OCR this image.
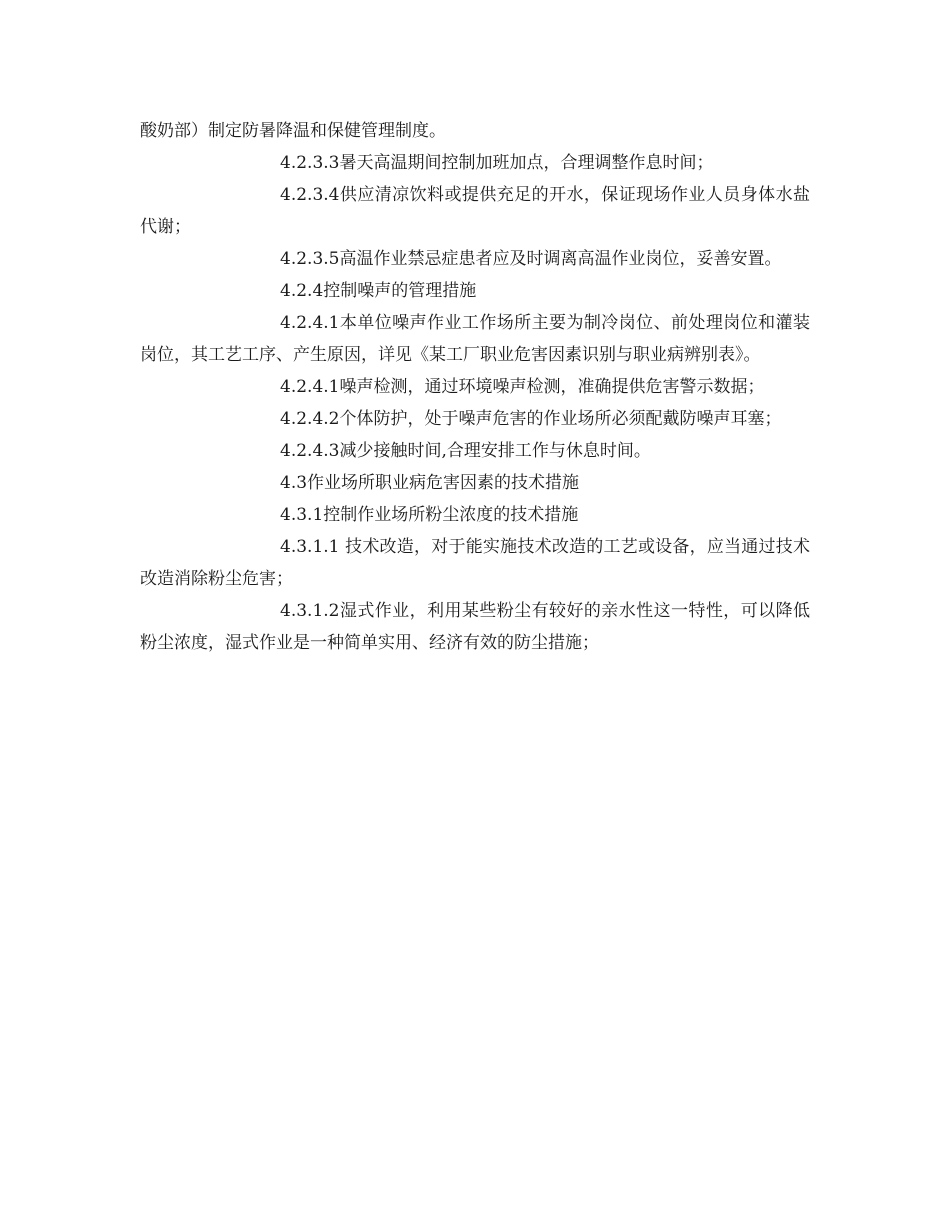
酸奶部）制定防暑降温和保健管理制度。

4.2.3.3暑天高温期间控制加班加点，合理调整作息时间；

4.2.3.4供应清凉饮料或提供充足的开水，保证现场作业人员身体水盐代谢；

4.2.3.5高温作业禁忌症患者应及时调离高温作业岗位，妥善安置。

4.2.4控制噪声的管理措施

4.2.4.1本单位噪声作业工作场所主要为制冷岗位、前处理岗位和灌装岗位，其工艺工序、产生原因，详见《某工厂职业危害因素识别与职业病辨别表》。

4.2.4.1噪声检测，通过环境噪声检测，准确提供危害警示数据；

4.2.4.2个体防护，处于噪声危害的作业场所必须配戴防噪声耳塞；

4.2.4.3减少接触时间,合理安排工作与休息时间。

4.3作业场所职业病危害因素的技术措施

4.3.1控制作业场所粉尘浓度的技术措施

4.3.1.1 技术改造，对于能实施技术改造的工艺或设备，应当通过技术改造消除粉尘危害；

4.3.1.2湿式作业，利用某些粉尘有较好的亲水性这一特性，可以降低粉尘浓度，湿式作业是一种简单实用、经济有效的防尘措施；
